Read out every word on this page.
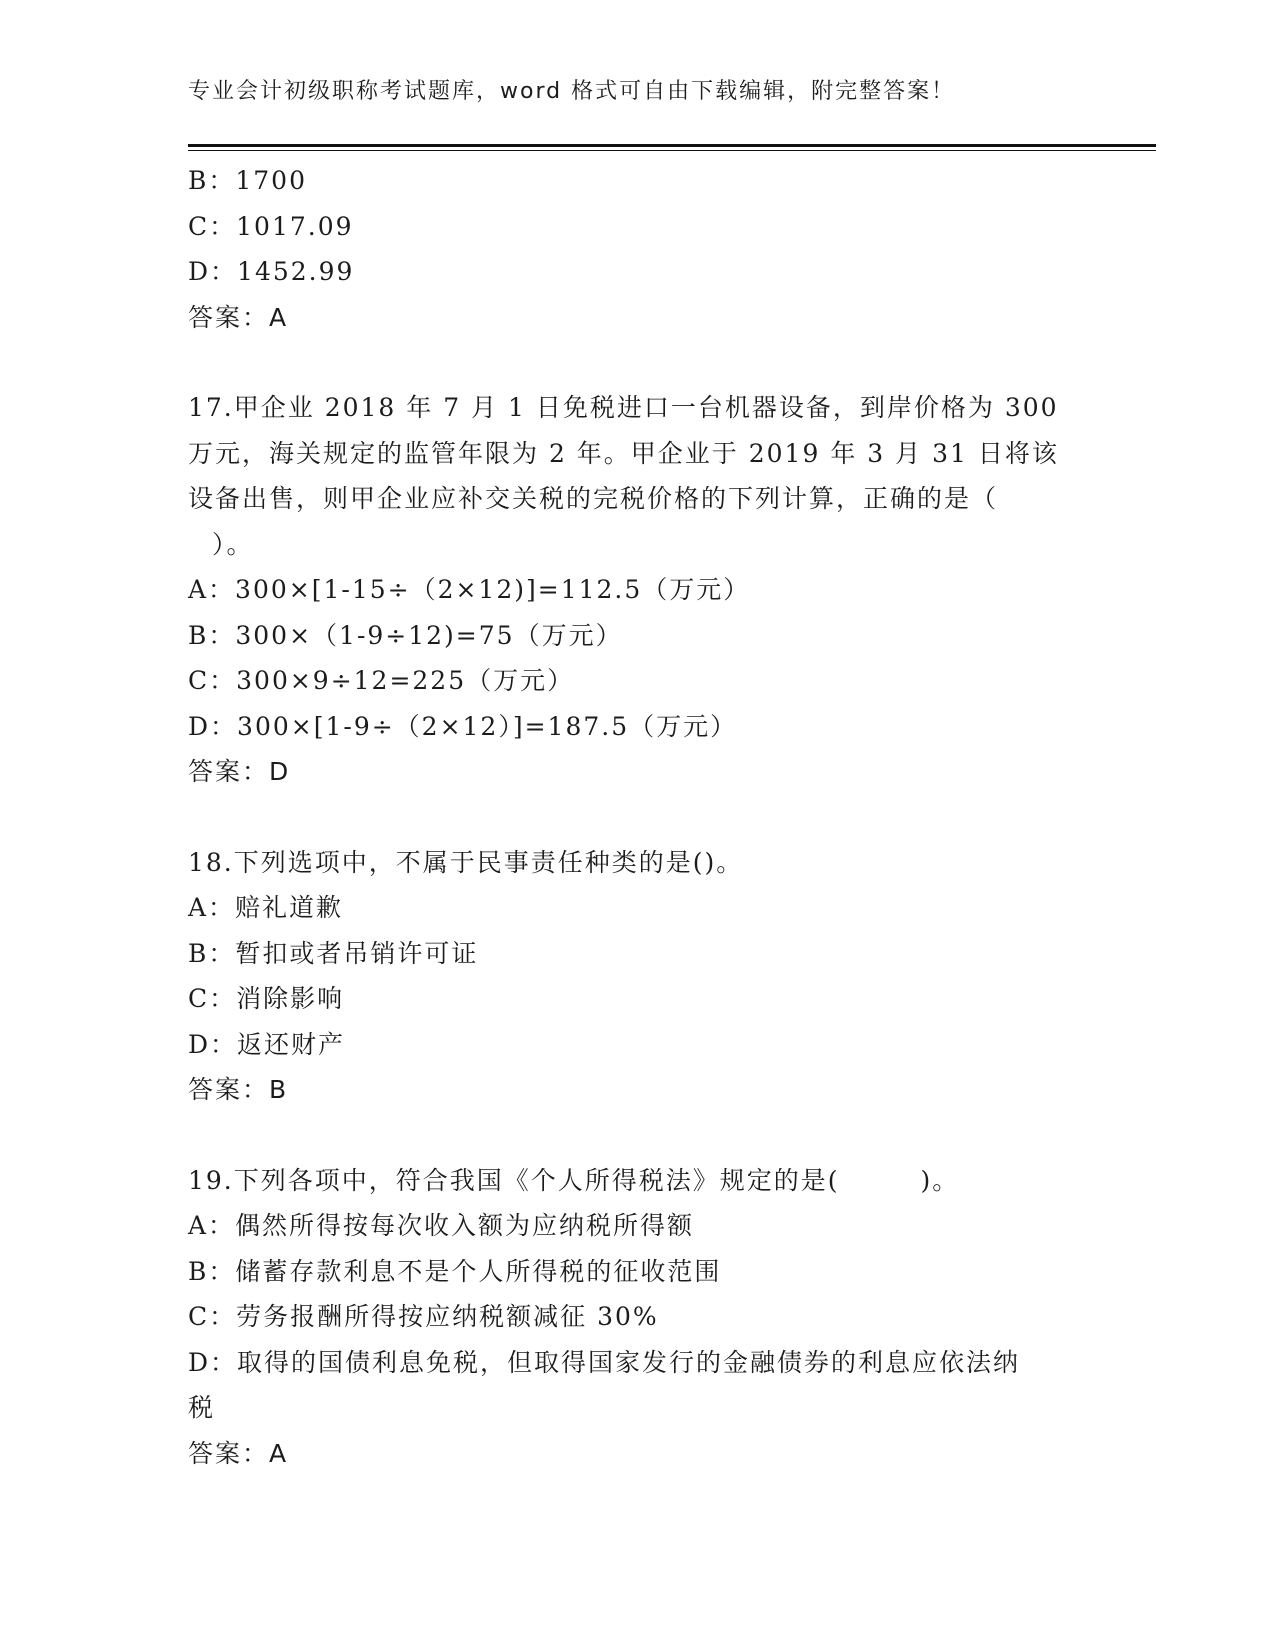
专业会计初级职称考试题库，word 格式可自由下载编辑，附完整答案！
B：1700
C：1017.09
D：1452.99
答案：A
17.甲企业 2018 年 7 月 1 日免税进口一台机器设备，到岸价格为 300
万元，海关规定的监管年限为 2 年。甲企业于 2019 年 3 月 31 日将该
设备出售，则甲企业应补交关税的完税价格的下列计算，正确的是（
）。
A：300×[1-15÷（2×12)]=112.5（万元）
B：300×（1-9÷12)=75（万元）
C：300×9÷12=225（万元）
D：300×[1-9÷（2×12）]=187.5（万元）
答案：D
18.下列选项中，不属于民事责任种类的是()。
A：赔礼道歉
B：暂扣或者吊销许可证
C：消除影响
D：返还财产
答案：B
19.下列各项中，符合我国《个人所得税法》规定的是(　　　)。
A：偶然所得按每次收入额为应纳税所得额
B：储蓄存款利息不是个人所得税的征收范围
C：劳务报酬所得按应纳税额减征 30%
D：取得的国债利息免税，但取得国家发行的金融债券的利息应依法纳
税
答案：A
